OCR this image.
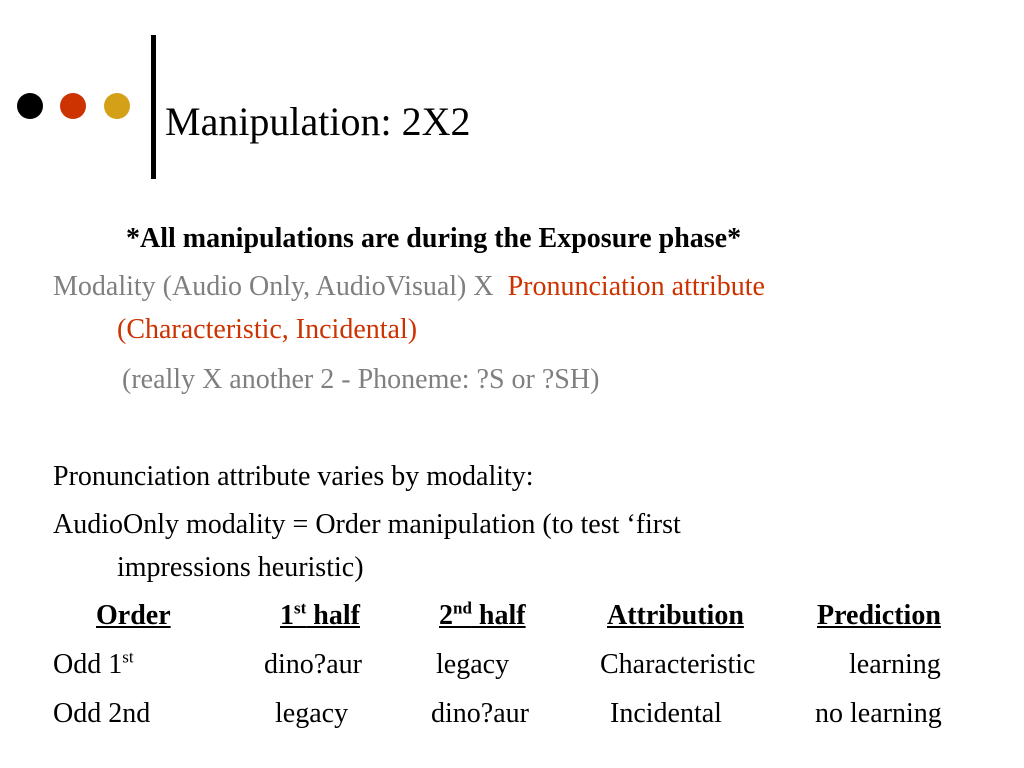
Manipulation: 2X2
*All manipulations are during the Exposure phase*
Modality (Audio Only, AudioVisual) X Pronunciation attribute
(Characteristic, Incidental)
(really X another 2 - Phoneme: ?S or ?SH)
Pronunciation attribute varies by modality:
AudioOnly modality = Order manipulation (to test ‘first
impressions heuristic)
Order	1st half	2nd half	Attribution	Prediction
Odd 1st	dino?aur	legacy	Characteristic	learning
Odd 2nd	legacy	dino?aur	Incidental	no learning
